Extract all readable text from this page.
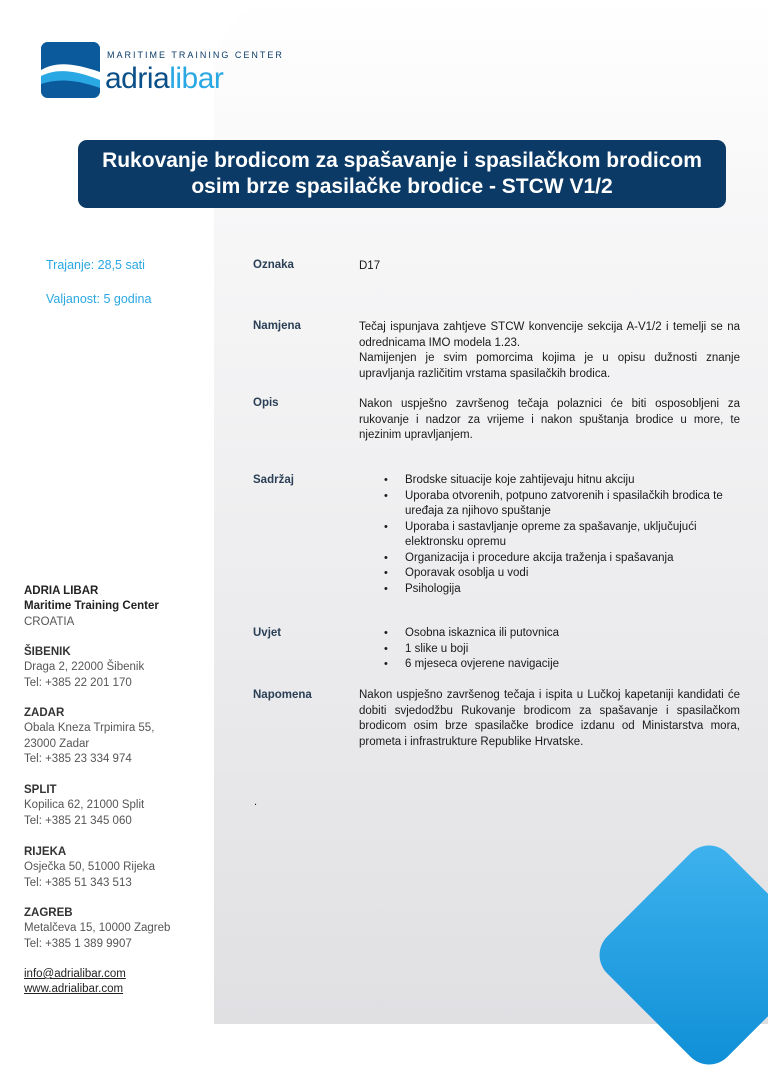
MARITIME TRAINING CENTER
adrialibar
Rukovanje brodicom za spašavanje i spasilačkom brodicom osim brze spasilačke brodice - STCW V1/2
Trajanje: 28,5 sati
Valjanost: 5 godina
Oznaka	D17
Namjena	Tečaj ispunjava zahtjeve STCW konvencije sekcija A-V1/2 i temelji se na odrednicama IMO modela 1.23.

Namijenjen je svim pomorcima kojima je u opisu dužnosti znanje upravljanja različitim vrstama spasilačkih brodica.

Opis	Nakon uspješno završenog tečaja polaznici će biti osposobljeni za rukovanje i nadzor za vrijeme i nakon spuštanja brodice u more, te njezinim upravljanjem.
Sadržaj	• Brodske situacije koje zahtijevaju hitnu akciju
• Uporaba otvorenih, potpuno zatvorenih i spasilačkih brodica te uređaja za njihovo spuštanje
• Uporaba i sastavljanje opreme za spašavanje, uključujući elektronsku opremu
• Organizacija i procedure akcija traženja i spašavanja
• Oporavak osoblja u vodi
• Psihologija
Uvjet	• Osobna iskaznica ili putovnica
• 1 slike u boji
• 6 mjeseca ovjerene navigacije
Napomena	Nakon uspješno završenog tečaja i ispita u Lučkoj kapetaniji kandidati će dobiti svjedodžbu Rukovanje brodicom za spašavanje i spasilačkom brodicom osim brze spasilačke brodice izdanu od Ministarstva mora, prometa i infrastrukture Republike Hrvatske.
.
ADRIA LIBAR
Maritime Training Center
CROATIA
ŠIBENIK
Draga 2, 22000 Šibenik
Tel: +385 22 201 170
ZADAR
Obala Kneza Trpimira 55,
23000 Zadar
Tel: +385 23 334 974
SPLIT
Kopilica 62, 21000 Split
Tel: +385 21 345 060
RIJEKA
Osječka 50, 51000 Rijeka
Tel: +385 51 343 513
ZAGREB
Metalčeva 15, 10000 Zagreb
Tel: +385 1 389 9907
info@adrialibar.com
www.adrialibar.com
